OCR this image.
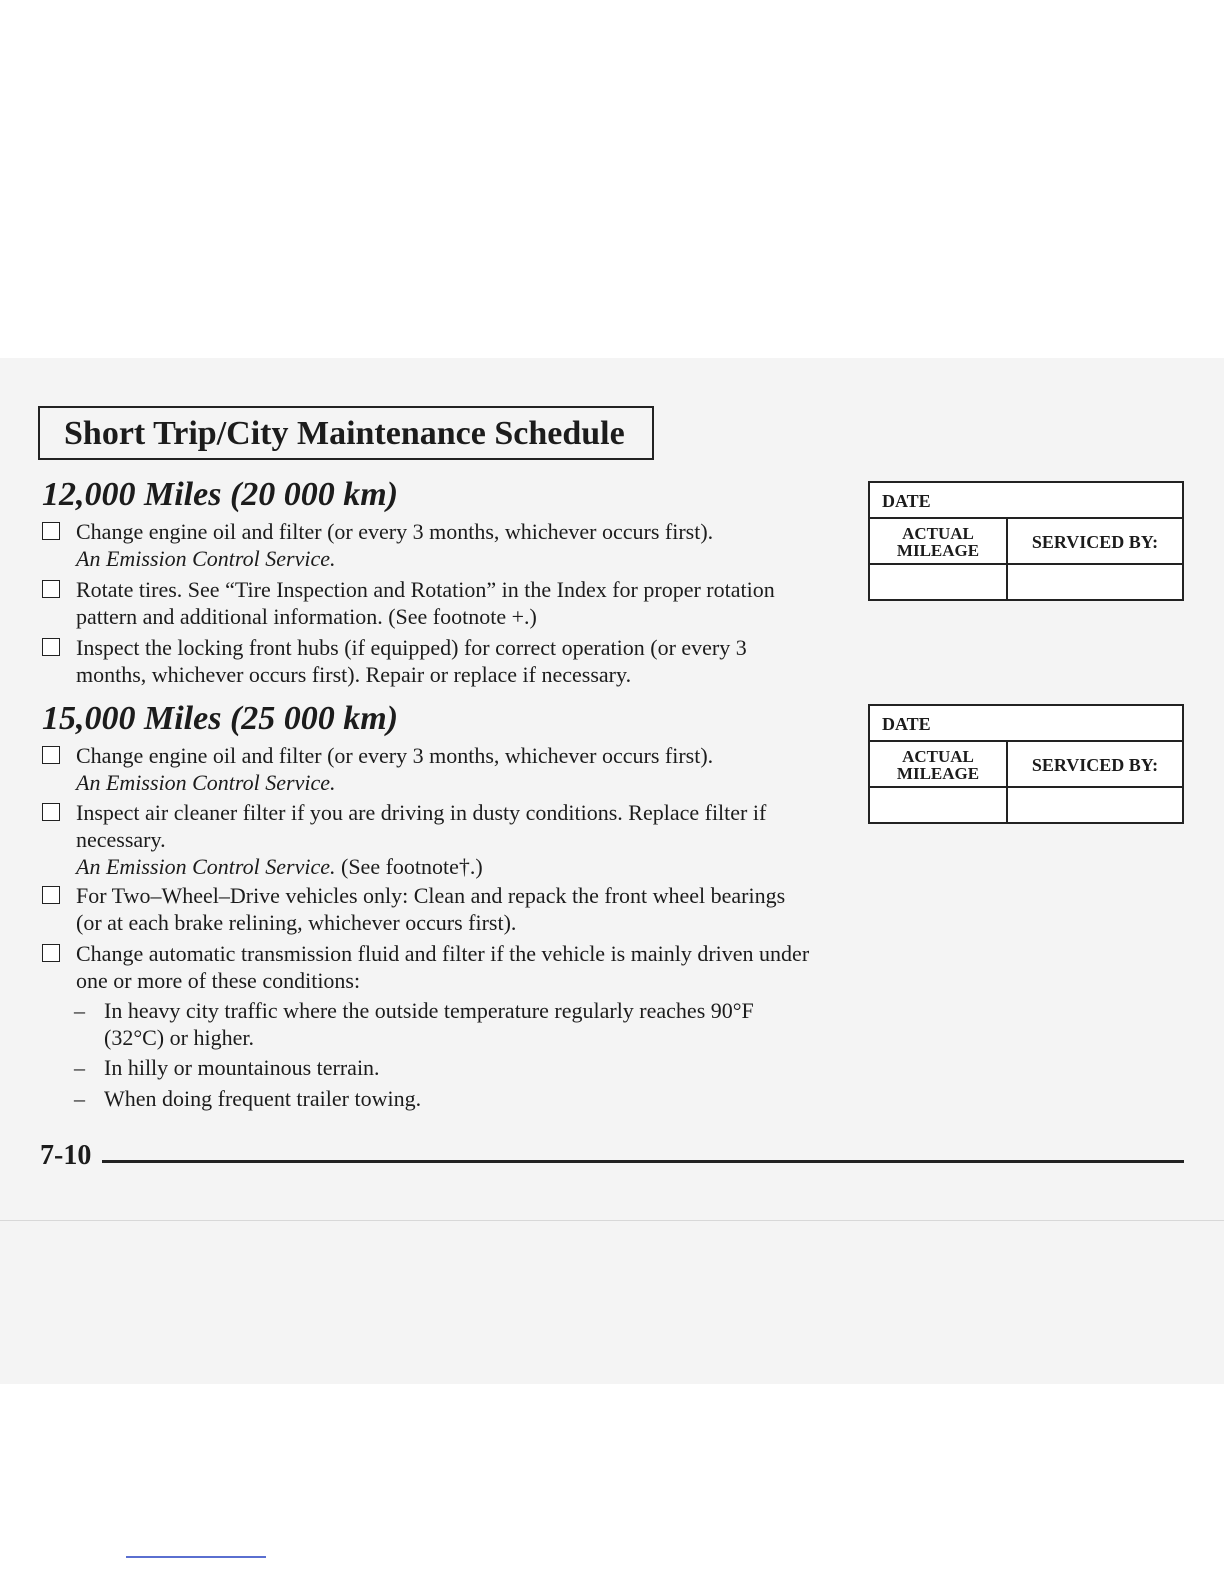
Short Trip/City Maintenance Schedule
12,000 Miles (20 000 km)
Change engine oil and filter (or every 3 months, whichever occurs first).
An Emission Control Service.
Rotate tires. See “Tire Inspection and Rotation” in the Index for proper rotation pattern and additional information. (See footnote +.)
Inspect the locking front hubs (if equipped) for correct operation (or every 3 months, whichever occurs first). Repair or replace if necessary.
15,000 Miles (25 000 km)
Change engine oil and filter (or every 3 months, whichever occurs first).
An Emission Control Service.
Inspect air cleaner filter if you are driving in dusty conditions. Replace filter if necessary.
An Emission Control Service. (See footnote†.)
For Two–Wheel–Drive vehicles only: Clean and repack the front wheel bearings (or at each brake relining, whichever occurs first).
Change automatic transmission fluid and filter if the vehicle is mainly driven under one or more of these conditions:
– In heavy city traffic where the outside temperature regularly reaches 90°F (32°C) or higher.
– In hilly or mountainous terrain.
– When doing frequent trailer towing.
DATE
ACTUAL
MILEAGE	SERVICED BY:
DATE
ACTUAL
MILEAGE	SERVICED BY:
7-10
